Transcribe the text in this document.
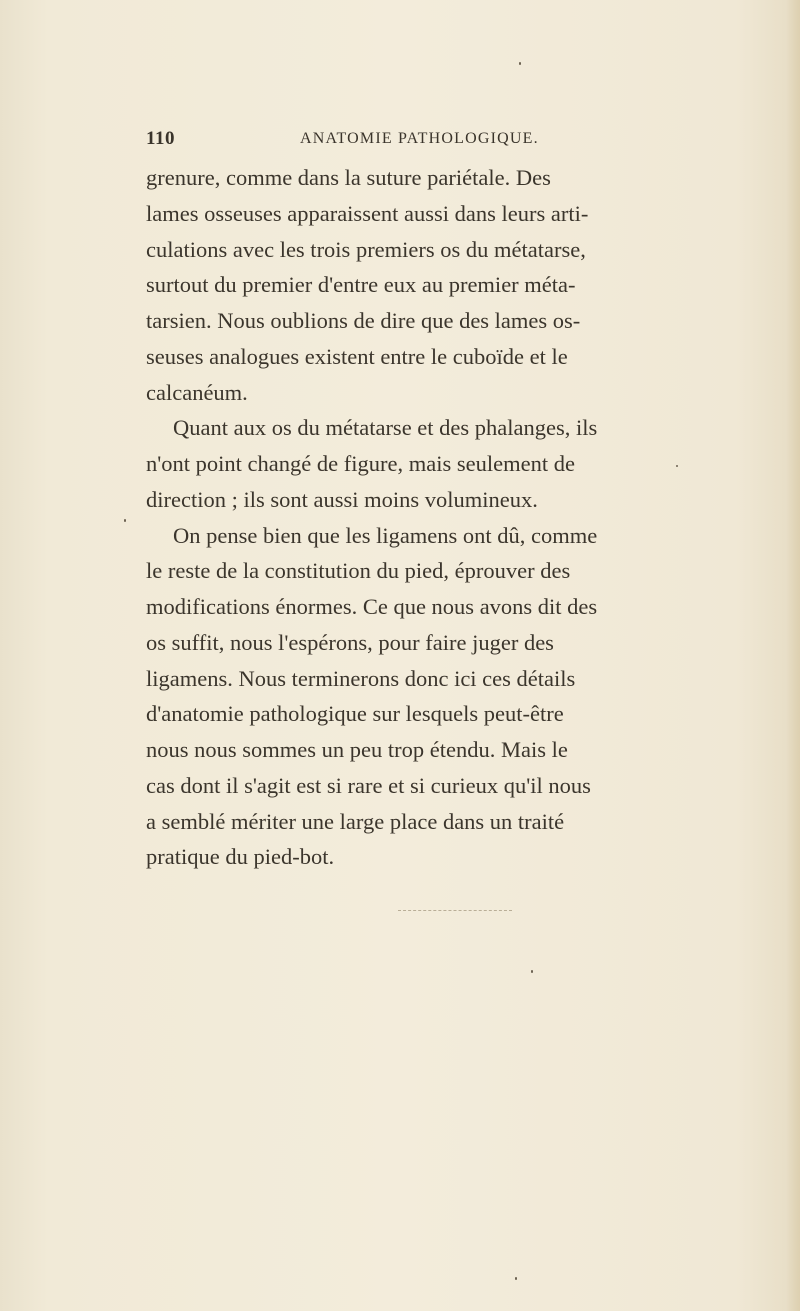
110	ANATOMIE PATHOLOGIQUE.
grenure, comme dans la suture pariétale. Des
lames osseuses apparaissent aussi dans leurs arti-
culations avec les trois premiers os du métatarse,
surtout du premier d'entre eux au premier méta-
tarsien. Nous oublions de dire que des lames os-
seuses analogues existent entre le cuboïde et le
calcanéum.
Quant aux os du métatarse et des phalanges, ils
n'ont point changé de figure, mais seulement de
direction ; ils sont aussi moins volumineux.
On pense bien que les ligamens ont dû, comme
le reste de la constitution du pied, éprouver des
modifications énormes. Ce que nous avons dit des
os suffit, nous l'espérons, pour faire juger des
ligamens. Nous terminerons donc ici ces détails
d'anatomie pathologique sur lesquels peut-être
nous nous sommes un peu trop étendu. Mais le
cas dont il s'agit est si rare et si curieux qu'il nous
a semblé mériter une large place dans un traité
pratique du pied-bot.
